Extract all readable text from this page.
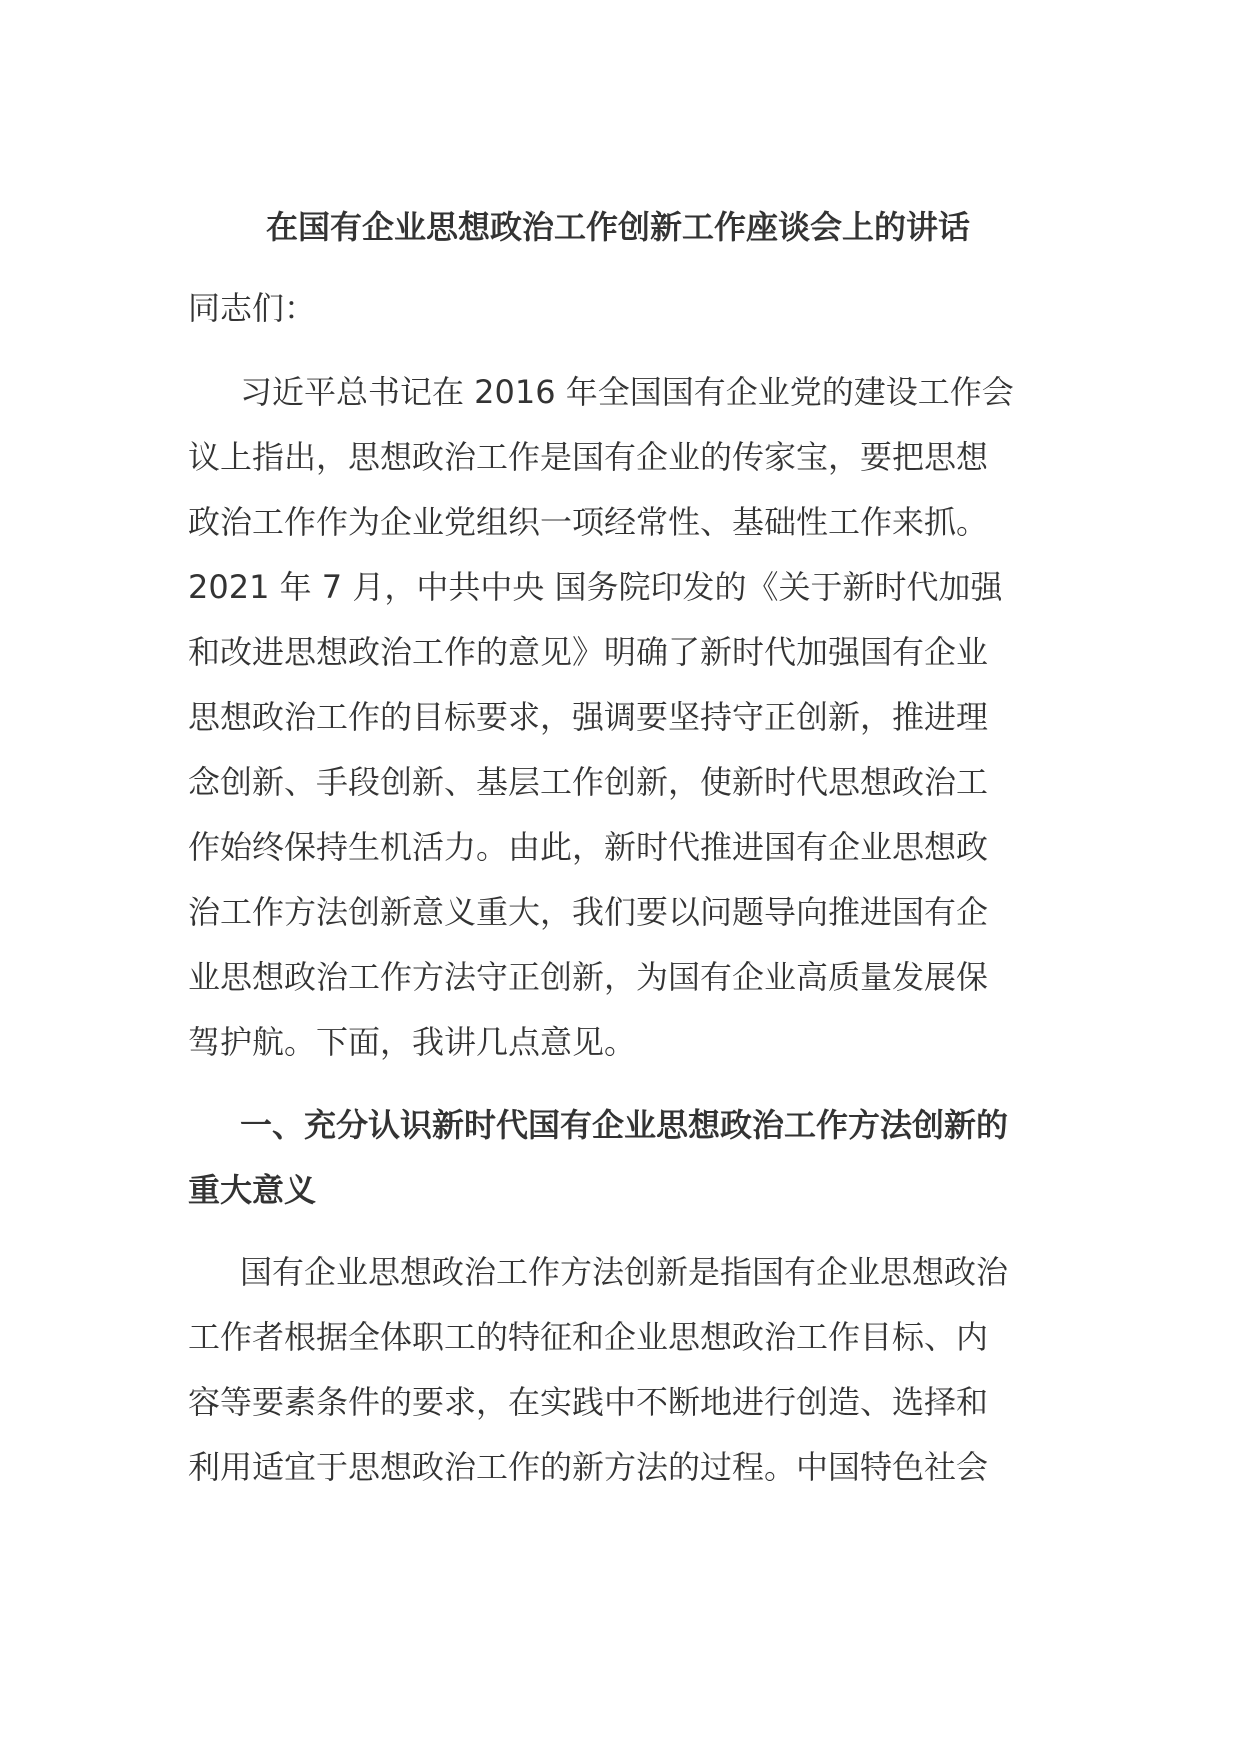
在国有企业思想政治工作创新工作座谈会上的讲话
同志们：
习近平总书记在 2016 年全国国有企业党的建设工作会
议上指出，思想政治工作是国有企业的传家宝，要把思想
政治工作作为企业党组织一项经常性、基础性工作来抓。
2021 年 7 月，中共中央 国务院印发的《关于新时代加强
和改进思想政治工作的意见》明确了新时代加强国有企业
思想政治工作的目标要求，强调要坚持守正创新，推进理
念创新、手段创新、基层工作创新，使新时代思想政治工
作始终保持生机活力。由此，新时代推进国有企业思想政
治工作方法创新意义重大，我们要以问题导向推进国有企
业思想政治工作方法守正创新，为国有企业高质量发展保
驾护航。下面，我讲几点意见。
一、充分认识新时代国有企业思想政治工作方法创新的
重大意义
国有企业思想政治工作方法创新是指国有企业思想政治
工作者根据全体职工的特征和企业思想政治工作目标、内
容等要素条件的要求，在实践中不断地进行创造、选择和
利用适宜于思想政治工作的新方法的过程。中国特色社会
